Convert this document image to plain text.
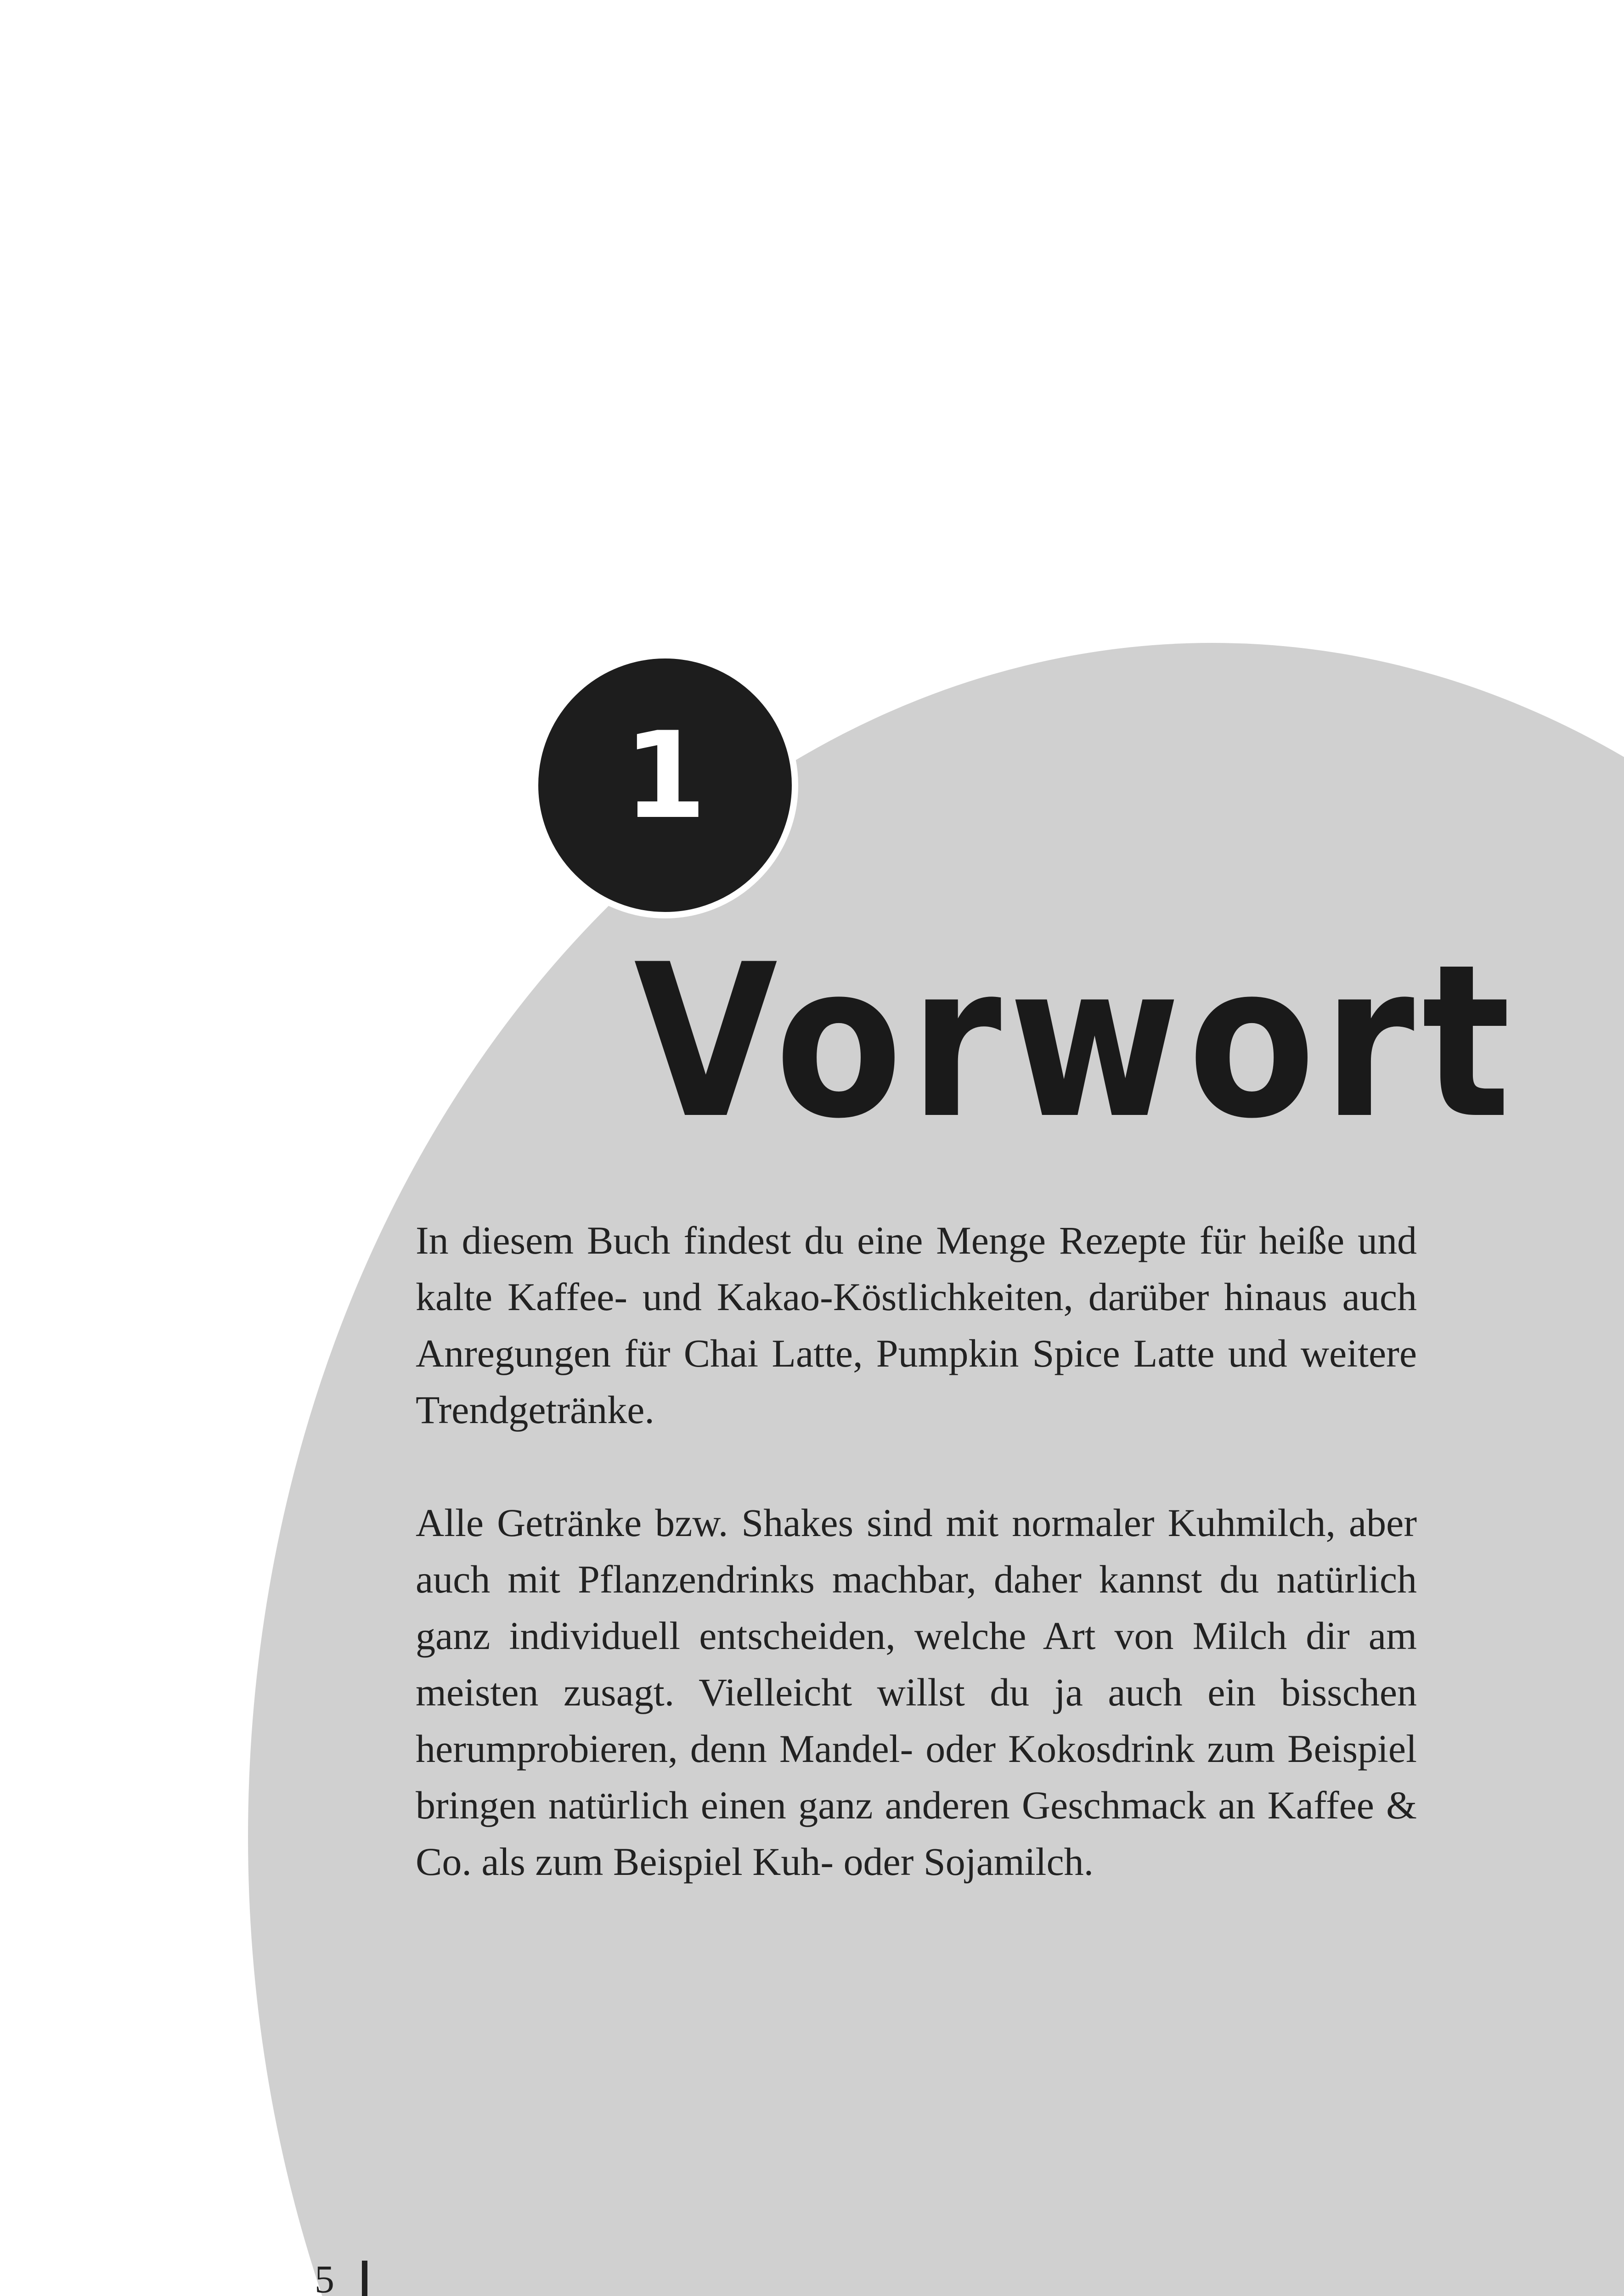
1
Vorwort

In diesem Buch findest du eine Menge Rezepte für heiße und kalte Kaffee- und Kakao-Köstlichkeiten, darüber hinaus auch Anregungen für Chai Latte, Pumpkin Spice Latte und weitere Trendgetränke.

Alle Getränke bzw. Shakes sind mit normaler Kuhmilch, aber auch mit Pflanzendrinks machbar, daher kannst du natürlich ganz individuell entscheiden, welche Art von Milch dir am meisten zusagt. Vielleicht willst du ja auch ein bisschen herumprobieren, denn Mandel- oder Kokosdrink zum Beispiel bringen natürlich einen ganz anderen Geschmack an Kaffee & Co. als zum Beispiel Kuh- oder Sojamilch.

5
